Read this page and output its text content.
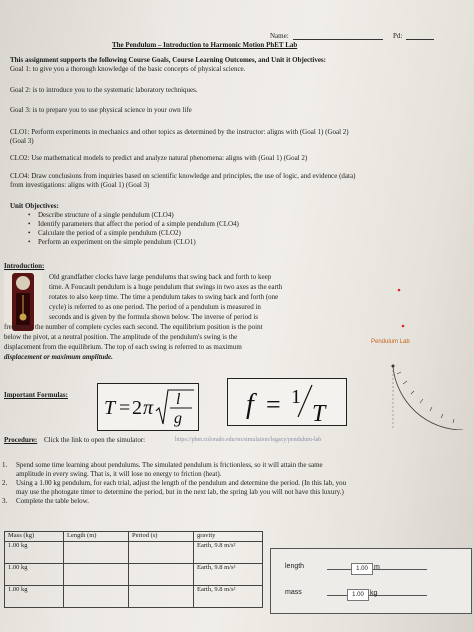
Name:	Pd:
The Pendulum – Introduction to Harmonic Motion PhET Lab
This assignment supports the following Course Goals, Course Learning Outcomes, and Unit it Objectives:
Goal 1: to give you a thorough knowledge of the basic concepts of physical science.
Goal 2: is to introduce you to the systematic laboratory techniques.
Goal 3: is to prepare you to use physical science in your own life
CLO1: Perform experiments in mechanics and other topics as determined by the instructor: aligns with (Goal 1) (Goal 2)
(Goal 3)
CLO2: Use mathematical models to predict and analyze natural phenomena: aligns with (Goal 1) (Goal 2)
CLO4: Draw conclusions from inquiries based on scientific knowledge and principles, the use of logic, and evidence (data)
from investigations: aligns with (Goal 1) (Goal 3)
Unit Objectives:
• Describe structure of a single pendulum (CLO4)
• Identify parameters that affect the period of a simple pendulum (CLO4)
• Calculate the period of a simple pendulum (CLO2)
• Perform an experiment on the simple pendulum (CLO1)
Introduction:
Old grandfather clocks have large pendulums that swing back and forth to keep
time. A Foucault pendulum is a huge pendulum that swings in two axes as the earth
rotates to also keep time. The time a pendulum takes to swing back and forth (one
cycle) is referred to as one period. The period of a pendulum is measured in
seconds and is given by the formula shown below. The inverse of period is
frequency, the number of complete cycles each second. The equilibrium position is the point
below the pivot, at a neutral position. The amplitude of the pendulum's swing is the
displacement from the equilibrium. The top of each swing is referred to as maximum
displacement or maximum amplitude.
Pendulum Lab
Important Formulas:
T = 2 π l
g f = 1
T
Procedure: Click the link to open the simulator:	https://phet.colorado.edu/en/simulation/legacy/pendulum-lab
1. Spend some time learning about pendulums. The simulated pendulum is frictionless, so it will attain the same
amplitude in every swing. That is, it will lose no energy to friction (heat).
2. Using a 1.00 kg pendulum, for each trial, adjust the length of the pendulum and determine the period. (In this lab, you
may use the photogate timer to determine the period, but in the next lab, the spring lab you will not have this luxury.)
3. Complete the table below.
Mass (kg)	Length (m)	Period (s)	gravity
1.00 kg			Earth, 9.8 m/s²
1.00 kg			Earth, 9.8 m/s²
1.00 kg			Earth, 9.8 m/s²
length	1.00 m
mass	1.00 kg
